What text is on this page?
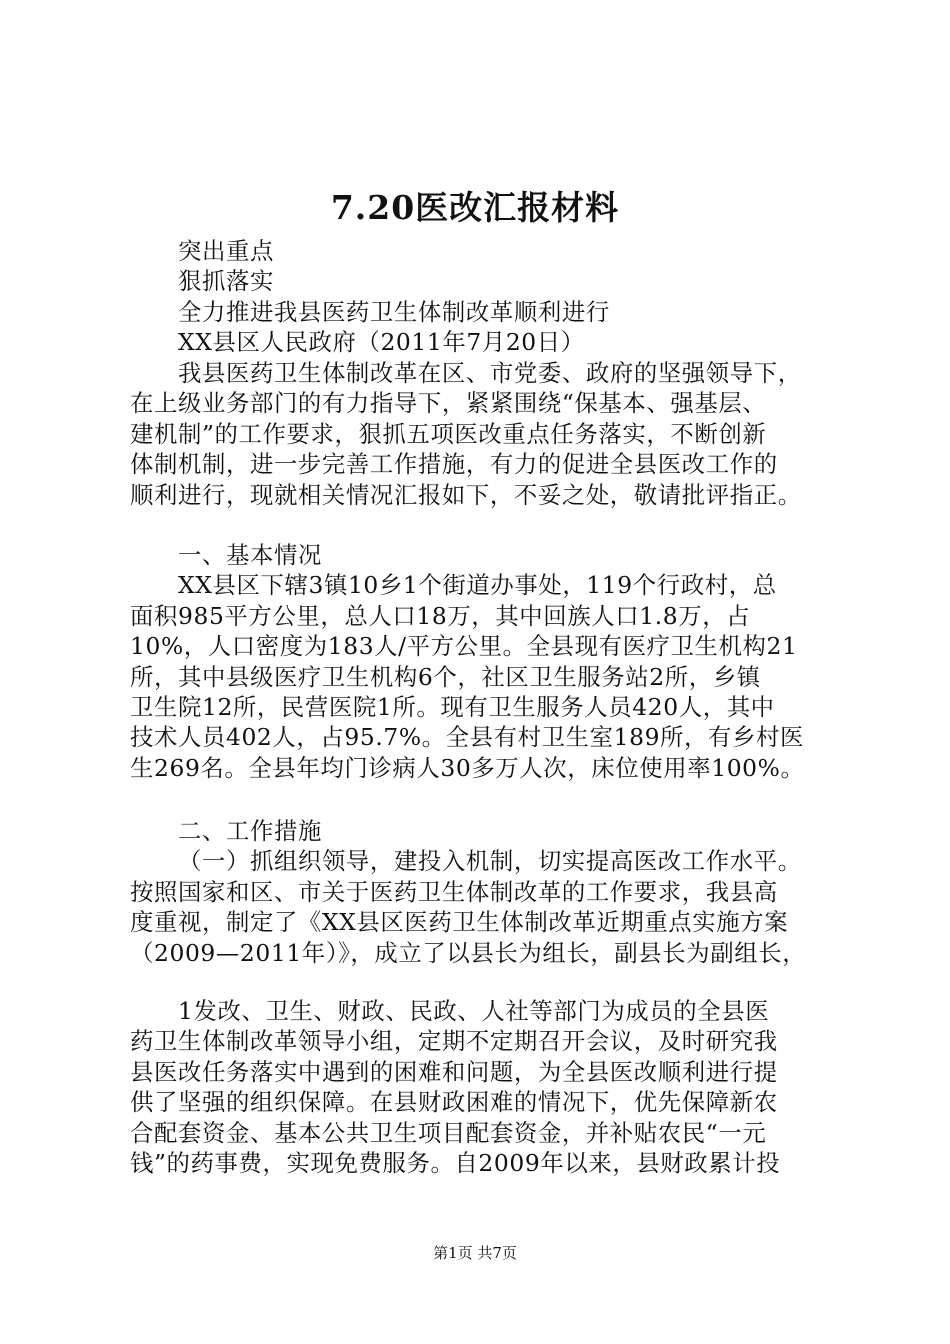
7.20医改汇报材料
突出重点
狠抓落实
全力推进我县医药卫生体制改革顺利进行
XX县区人民政府（2011年7月20日）
我县医药卫生体制改革在区、市党委、政府的坚强领导下，
在上级业务部门的有力指导下，紧紧围绕“保基本、强基层、
建机制”的工作要求，狠抓五项医改重点任务落实，不断创新
体制机制，进一步完善工作措施，有力的促进全县医改工作的
顺利进行，现就相关情况汇报如下，不妥之处，敬请批评指正。
一、基本情况
XX县区下辖3镇10乡1个街道办事处，119个行政村，总
面积985平方公里，总人口18万，其中回族人口1.8万，占
10%，人口密度为183人/平方公里。全县现有医疗卫生机构21
所，其中县级医疗卫生机构6个，社区卫生服务站2所，乡镇
卫生院12所，民营医院1所。现有卫生服务人员420人，其中
技术人员402人，占95.7%。全县有村卫生室189所，有乡村医
生269名。全县年均门诊病人30多万人次，床位使用率100%。
二、工作措施
（一）抓组织领导，建投入机制，切实提高医改工作水平。
按照国家和区、市关于医药卫生体制改革的工作要求，我县高
度重视，制定了《XX县区医药卫生体制改革近期重点实施方案
（2009—2011年）》，成立了以县长为组长，副县长为副组长，
1发改、卫生、财政、民政、人社等部门为成员的全县医
药卫生体制改革领导小组，定期不定期召开会议，及时研究我
县医改任务落实中遇到的困难和问题，为全县医改顺利进行提
供了坚强的组织保障。在县财政困难的情况下，优先保障新农
合配套资金、基本公共卫生项目配套资金，并补贴农民“一元
钱”的药事费，实现免费服务。自2009年以来，县财政累计投
第1页 共7页
